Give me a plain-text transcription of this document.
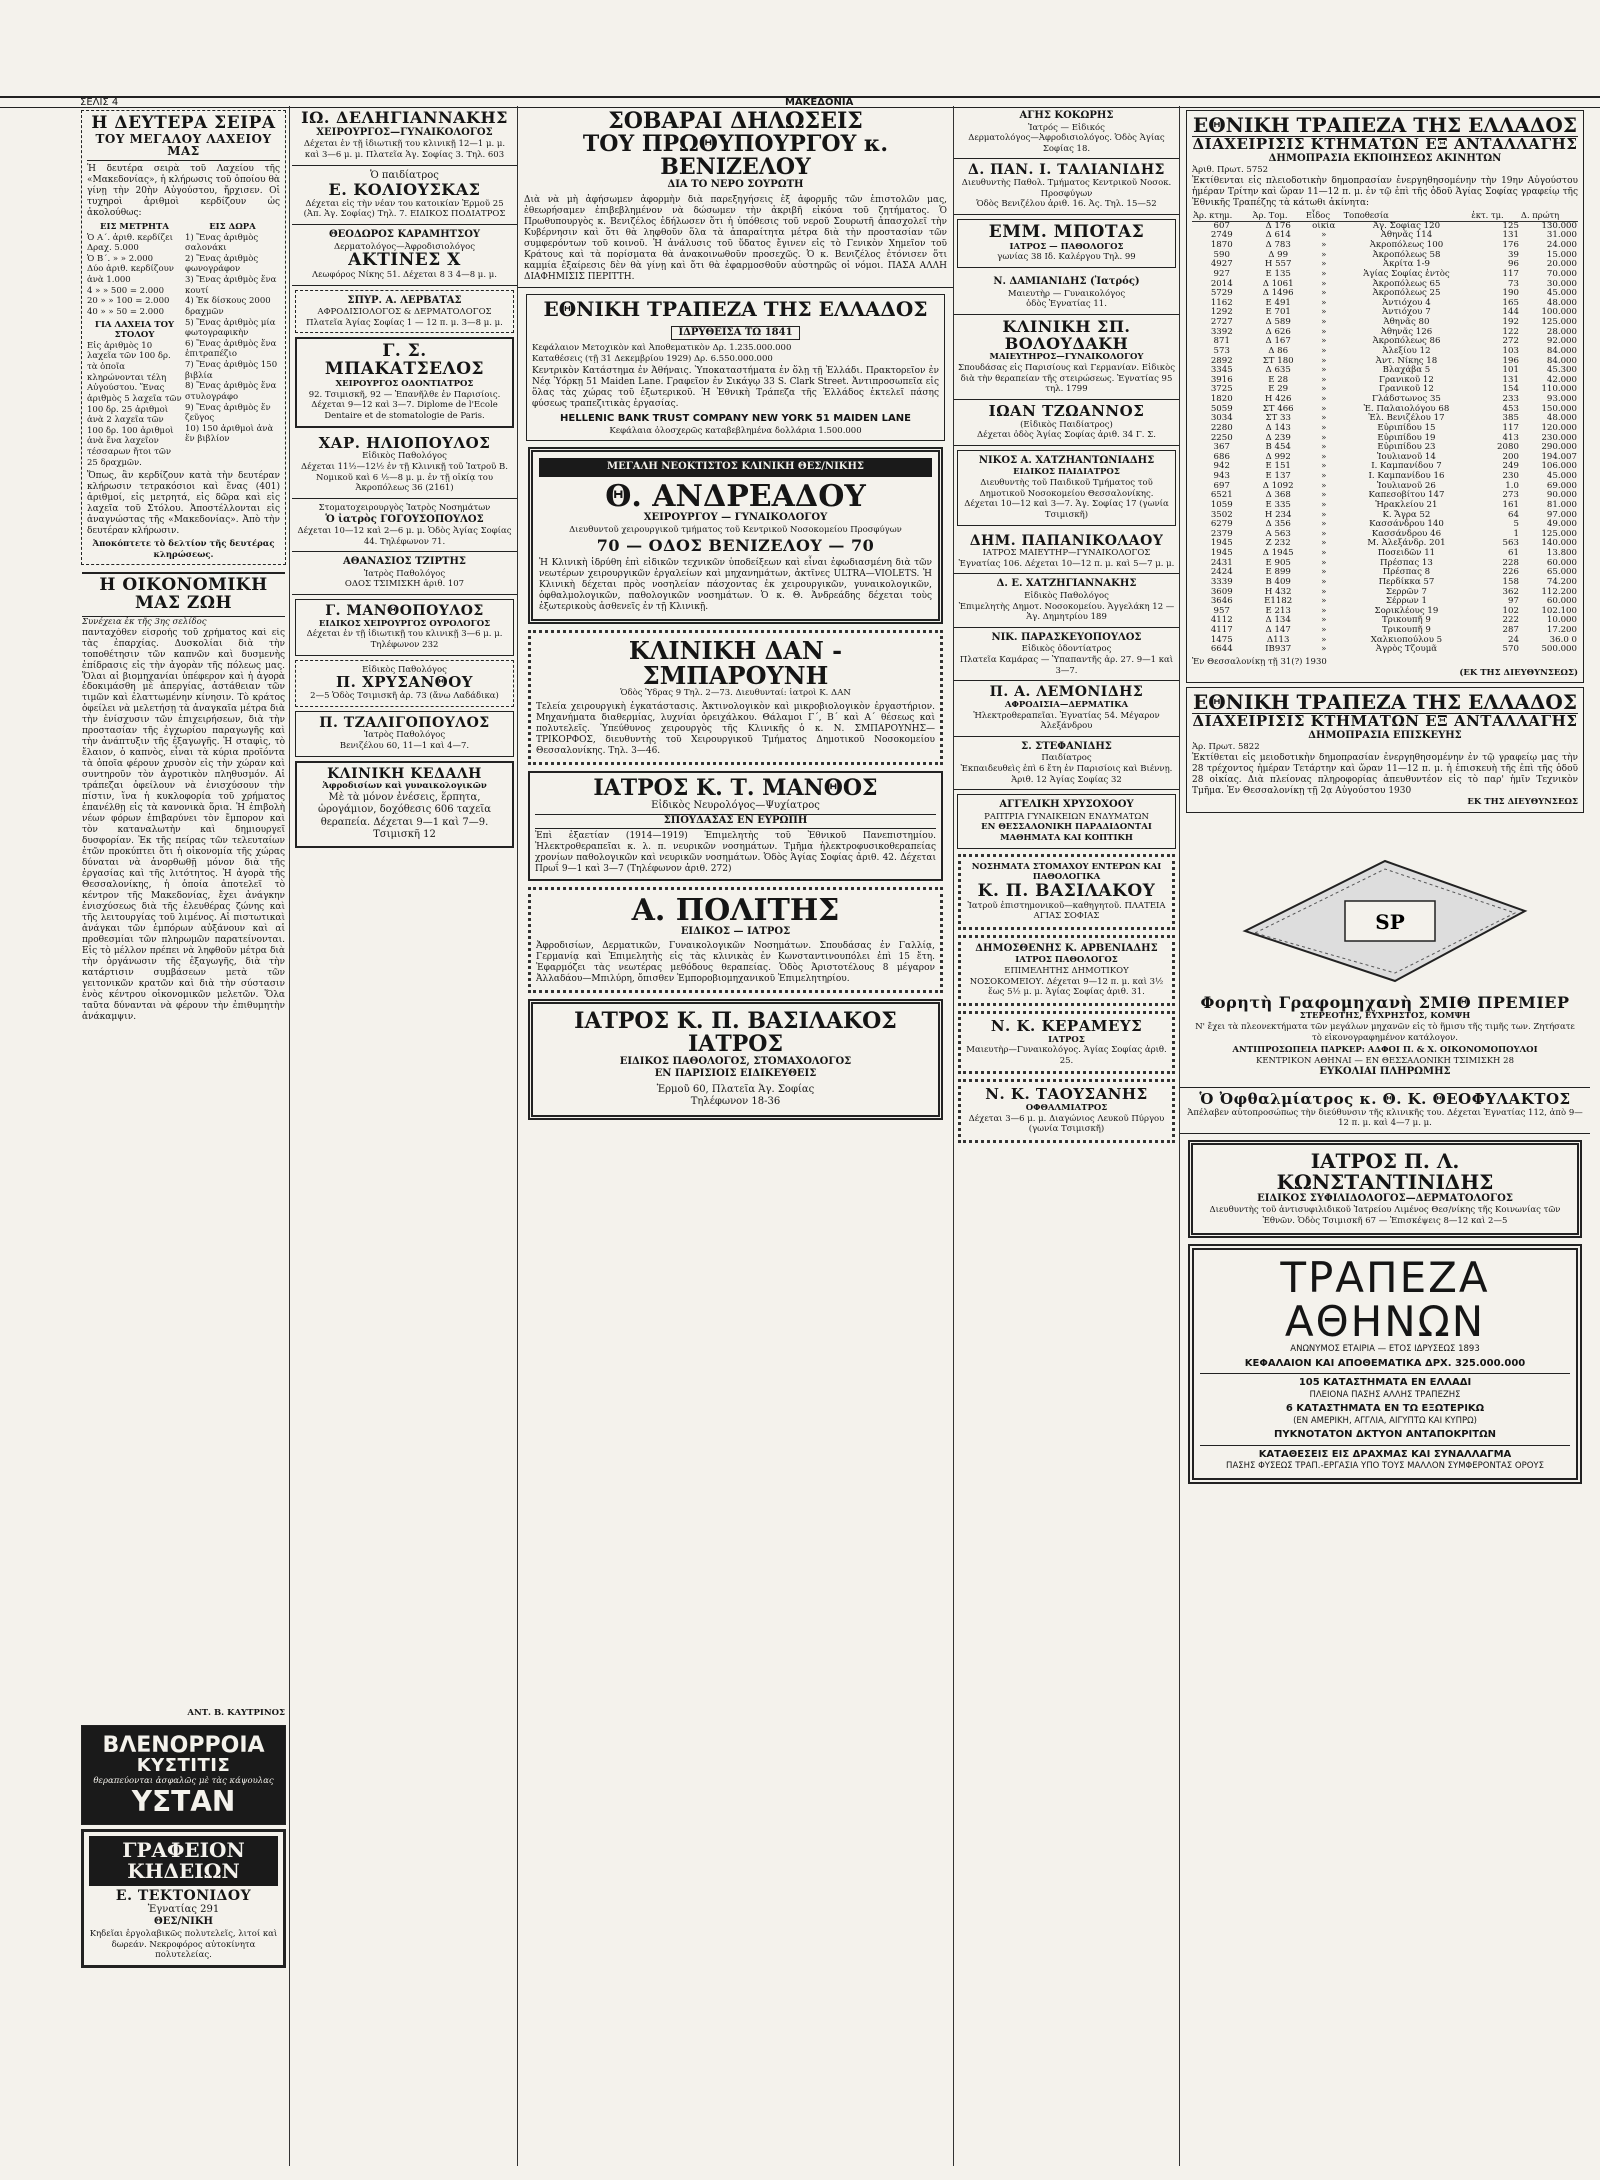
ΣΕΛΙΣ 4	ΜΑΚΕΔΟΝΙΑ
Η ΔΕΥΤΕΡΑ ΣΕΙΡΑ
ΤΟΥ ΜΕΓΑΛΟΥ ΛΑΧΕΙΟΥ ΜΑΣ
Ἡ δευτέρα σειρὰ τοῦ Λαχείου τῆς «Μακεδονίας», ἡ κλήρωσις τοῦ ὁποίου θὰ γίνῃ τὴν 20ὴν Αὐγούστου, ἤρχισεν. Οἱ τυχηροὶ ἀριθμοὶ κερδίζουν ὡς ἀκολούθως:
ΕΙΣ ΜΕΤΡΗΤΑ
Ὁ Α΄. ἀριθ. κερδίζει Δραχ. 5.000
Ὁ Β΄. » » 2.000
Δύο ἀριθ. κερδίζουν ἀνὰ 1.000
4 » » 500 = 2.000
20 » » 100 = 2.000
40 » » 50 = 2.000
ΓΙΑ ΛΑΧΕΙΑ ΤΟΥ ΣΤΟΛΟΥ
Εἰς ἀριθμὸς 10 λαχεῖα τῶν 100 δρ. τὰ ὁποῖα κληρώνονται τέλη Αὐγούστου. Ἕνας ἀριθμὸς 5 λαχεῖα τῶν 100 δρ. 25 ἀριθμοὶ ἀνὰ 2 λαχεῖα τῶν 100 δρ. 100 ἀριθμοὶ ἀνὰ ἕνα λαχεῖον τέσσαρων ἤτοι τῶν 25 δραχμῶν.
ΕΙΣ ΔΩΡΑ
1) Ἕνας ἀριθμὸς σαλονάκι
2) Ἕνας ἀριθμὸς φωνογράφον
3) Ἕνας ἀριθμὸς ἕνα κουτί
4) Ἐκ δίσκους 2000 δραχμῶν
5) Ἕνας ἀριθμὸς μία φωτογραφικὴν
6) Ἕνας ἀριθμὸς ἕνα ἐπιτραπέζιο
7) Ἕνας ἀριθμὸς 150 βιβλία
8) Ἕνας ἀριθμὸς ἕνα στυλογράφο
9) Ἕνας ἀριθμὸς ἕν ζεῦγος
10) 150 ἀριθμοὶ ἀνὰ ἕν βιβλίον
Ὅπως, ἂν κερδίζουν κατὰ τὴν δευτέραν κλήρωσιν τετρακόσιοι καὶ ἕνας (401) ἀριθμοί, εἰς μετρητά, εἰς δῶρα καὶ εἰς λαχεῖα τοῦ Στόλου. Ἀποστέλλονται εἰς ἀναγνώστας τῆς «Μακεδονίας». Ἀπὸ τὴν δευτέραν κλήρωσιν.
Ἀποκόπτετε τὸ δελτίον τῆς δευτέρας κληρώσεως.
Η ΟΙΚΟΝΟΜΙΚΗ ΜΑΣ ΖΩΗ
Συνέχεια ἐκ τῆς 3ης σελίδος
πανταχόθεν εἰσροής τοῦ χρήματος καὶ εἰς τὰς ἐπαρχίας. Δυσκολίαι διὰ τὴν τοποθέτησιν τῶν καπνῶν καὶ δυσμενὴς ἐπίδρασις εἰς τὴν ἀγορὰν τῆς πόλεως μας. Ὅλαι αἱ βιομηχανίαι ὑπέφερον καὶ ἡ ἀγορὰ ἐδοκιμάσθη μὲ ἀπεργίας, ἀστάθειαν τῶν τιμῶν καὶ ἐλαττωμένην κίνησιν. Τὸ κράτος ὀφείλει νὰ μελετήσῃ τὰ ἀναγκαῖα μέτρα διὰ τὴν ἐνίσχυσιν τῶν ἐπιχειρήσεων, διὰ τὴν προστασίαν τῆς ἐγχωρίου παραγωγῆς καὶ τὴν ἀνάπτυξιν τῆς ἐξαγωγῆς. Ἡ σταφὶς, τὸ ἔλαιον, ὁ καπνὸς, εἶναι τὰ κύρια προϊόντα τὰ ὁποῖα φέρουν χρυσὸν εἰς τὴν χώραν καὶ συντηροῦν τὸν ἀγροτικὸν πληθυσμόν. Αἱ τράπεζαι ὀφείλουν νὰ ἐνισχύσουν τὴν πίστιν, ἵνα ἡ κυκλοφορία τοῦ χρήματος ἐπανέλθῃ εἰς τὰ κανονικὰ ὅρια. Ἡ ἐπιβολὴ νέων φόρων ἐπιβαρύνει τὸν ἔμπορον καὶ τὸν καταναλωτὴν καὶ δημιουργεῖ δυσφορίαν. Ἐκ τῆς πείρας τῶν τελευταίων ἐτῶν προκύπτει ὅτι ἡ οἰκονομία τῆς χώρας δύναται νὰ ἀνορθωθῇ μόνον διὰ τῆς ἐργασίας καὶ τῆς λιτότητος. Ἡ ἀγορὰ τῆς Θεσσαλονίκης, ἡ ὁποία ἀποτελεῖ τὸ κέντρον τῆς Μακεδονίας, ἔχει ἀνάγκην ἐνισχύσεως διὰ τῆς ἐλευθέρας ζώνης καὶ τῆς λειτουργίας τοῦ λιμένος. Αἱ πιστωτικαὶ ἀνάγκαι τῶν ἐμπόρων αὐξάνουν καὶ αἱ προθεσμίαι τῶν πληρωμῶν παρατείνονται. Εἰς τὸ μέλλον πρέπει νὰ ληφθοῦν μέτρα διὰ τὴν ὀργάνωσιν τῆς ἐξαγωγῆς, διὰ τὴν κατάρτισιν συμβάσεων μετὰ τῶν γειτονικῶν κρατῶν καὶ διὰ τὴν σύστασιν ἑνὸς κέντρου οἰκονομικῶν μελετῶν. Ὅλα ταῦτα δύνανται νὰ φέρουν τὴν ἐπιθυμητὴν ἀνάκαμψιν.
ΑΝΤ. Β. ΚΑΥΤΡΙΝΟΣ
ΒΛΕΝΟΡΡΟΙΑ
ΚΥΣΤΙΤΙΣ
θεραπεύονται ἀσφαλῶς μὲ τὰς κάψουλας
ΥΣΤΑΝ
ΓΡΑΦΕΙΟΝ
ΚΗΔΕΙΩΝ
Ε. ΤΕΚΤΟΝΙΔΟΥ
Ἐγνατίας 291
ΘΕΣ/ΝΙΚΗ
Κηδεῖαι ἐργολαβικῶς πολυτελεῖς, λιτοί καὶ δωρεάν. Νεκροφόρος αὐτοκίνητα πολυτελείας.
ΙΩ. ΔΕΛΗΓΙΑΝΝΑΚΗΣ
ΧΕΙΡΟΥΡΓΟΣ—ΓΥΝΑΙΚΟΛΟΓΟΣ
Δέχεται ἐν τῇ ἰδιωτικῇ του κλινικῇ 12—1 μ. μ. καὶ 3—6 μ. μ. Πλατεῖα Ἁγ. Σοφίας 3. Τηλ. 603
Ὁ παιδίατρος
Ε. ΚΟΛΙΟΥΣΚΑΣ
Δέχεται εἰς τὴν νέαν του κατοικίαν Ἑρμοῦ 25 (Ἀπ. Ἁγ. Σοφίας) Τηλ. 7. ΕΙΔΙΚΟΣ ΠΟΔΙΑΤΡΟΣ
ΘΕΟΔΩΡΟΣ ΚΑΡΑΜΗΤΣΟΥ
Δερματολόγος—Ἀφροδισιολόγος
ΑΚΤΙΝΕΣ Χ
Λεωφόρος Νίκης 51. Δέχεται 8 3 4—8 μ. μ.
ΣΠΥΡ. Α. ΛΕΡΒΑΤΑΣ
ΑΦΡΟΔΙΣΙΟΛΟΓΟΣ & ΔΕΡΜΑΤΟΛΟΓΟΣ
Πλατεῖα Ἁγίας Σοφίας 1 — 12 π. μ. 3—8 μ. μ.
Γ. Σ. ΜΠΑΚΑΤΣΕΛΟΣ
ΧΕΙΡΟΥΡΓΟΣ ΟΔΟΝΤΙΑΤΡΟΣ
92. Τσιμισκῆ, 92 — Ἐπανῆλθε ἐν Παρισίοις. Δέχεται 9—12 καὶ 3—7. Diplome de l'Ecole Dentaire et de stomatologie de Paris.
ΧΑΡ. ΗΛΙΟΠΟΥΛΟΣ
Εἰδικὸς Παθολόγος
Δέχεται 11½—12½ ἐν τῇ Κλινικῇ τοῦ Ἰατροῦ Β. Νομικοῦ καὶ 6 ½—8 μ. μ. ἐν τῇ οἰκίᾳ του Ἀκροπόλεως 36 (2161)
Στοματοχειρουργὸς Ἰατρὸς Νοσημάτων
Ὁ ἰατρὸς ΓΟΓΟΥΣΟΠΟΥΛΟΣ
Δέχεται 10—12 καὶ 2—6 μ. μ. Ὁδὸς Ἁγίας Σοφίας 44. Τηλέφωνον 71.
ΑΘΑΝΑΣΙΟΣ ΤΖΙΡΤΗΣ
Ἰατρὸς Παθολόγος
ΟΔΟΣ ΤΣΙΜΙΣΚΗ ἀριθ. 107
Γ. ΜΑΝΘΟΠΟΥΛΟΣ
ΕΙΔΙΚΟΣ ΧΕΙΡΟΥΡΓΟΣ ΟΥΡΟΛΟΓΟΣ
Δέχεται ἐν τῇ ἰδιωτικῇ του κλινικῇ 3—6 μ. μ. Τηλέφωνον 232
Εἰδικὸς Παθολόγος
Π. ΧΡΥΣΑΝΘΟΥ
2—5 Ὁδὸς Τσιμισκῆ ἀρ. 73 (ἄνω Λαδάδικα)
Π. ΤΖΑΛΙΓΟΠΟΥΛΟΣ
Ἰατρὸς Παθολόγος
Βενιζέλου 60, 11—1 καὶ 4—7.
ΚΛΙΝΙΚΗ ΚΕΔΑΛΗ
Ἀφροδισίων καὶ γυναικολογικῶν
Μὲ τὰ μόνον ἐνέσεις, ἕρπητα, ὡρογάμιον, δοχόθεσις 606 ταχεῖα θεραπεία. Δέχεται 9—1 καὶ 7—9. Τσιμισκῆ 12
ΣΟΒΑΡΑΙ ΔΗΛΩΣΕΙΣ
ΤΟΥ ΠΡΩΘΥΠΟΥΡΓΟΥ κ. ΒΕΝΙΖΕΛΟΥ
ΔΙΑ ΤΟ ΝΕΡΟ ΣΟΥΡΩΤΗ
Διὰ νὰ μὴ ἀφήσωμεν ἀφορμὴν διὰ παρεξηγήσεις ἐξ ἀφορμῆς τῶν ἐπιστολῶν μας, ἐθεωρήσαμεν ἐπιβεβλημένον νὰ δώσωμεν τὴν ἀκριβῆ εἰκόνα τοῦ ζητήματος. Ὁ Πρωθυπουργὸς κ. Βενιζέλος ἐδήλωσεν ὅτι ἡ ὑπόθεσις τοῦ νεροῦ Σουρωτῆ ἀπασχολεῖ τὴν Κυβέρνησιν καὶ ὅτι θὰ ληφθοῦν ὅλα τὰ ἀπαραίτητα μέτρα διὰ τὴν προστασίαν τῶν συμφερόντων τοῦ κοινοῦ. Ἡ ἀνάλυσις τοῦ ὕδατος ἔγινεν εἰς τὸ Γενικὸν Χημεῖον τοῦ Κράτους καὶ τὰ πορίσματα θὰ ἀνακοινωθοῦν προσεχῶς. Ὁ κ. Βενιζέλος ἐτόνισεν ὅτι καμμία ἐξαίρεσις δὲν θὰ γίνῃ καὶ ὅτι θὰ ἐφαρμοσθοῦν αὐστηρῶς οἱ νόμοι. ΠΑΣΑ ΑΛΛΗ ΔΙΑΦΗΜΙΣΙΣ ΠΕΡΙΤΤΗ.
ΕΘΝΙΚΗ ΤΡΑΠΕΖΑ ΤΗΣ ΕΛΛΑΔΟΣ
ΙΔΡΥΘΕΙΣΑ ΤΩ 1841
Κεφάλαιον Μετοχικὸν καὶ Ἀποθεματικὸν Δρ. 1.235.000.000
Καταθέσεις (τῇ 31 Δεκεμβρίου 1929) Δρ. 6.550.000.000
Κεντρικὸν Κατάστημα ἐν Ἀθήναις. Ὑποκαταστήματα ἐν ὅλῃ τῇ Ἑλλάδι. Πρακτορεῖον ἐν Νέᾳ Ὑόρκῃ 51 Maiden Lane. Γραφεῖον ἐν Σικάγῳ 33 S. Clark Street. Ἀντιπροσωπεῖα εἰς ὅλας τὰς χώρας τοῦ ἐξωτερικοῦ. Ἡ Ἐθνικὴ Τράπεζα τῆς Ἑλλάδος ἐκτελεῖ πάσης φύσεως τραπεζιτικὰς ἐργασίας.
HELLENIC BANK TRUST COMPANY NEW YORK 51 MAIDEN LANE
Κεφάλαια ὁλοσχερῶς καταβεβλημένα δολλάρια 1.500.000
ΜΕΓΑΛΗ ΝΕΟΚΤΙΣΤΟΣ ΚΛΙΝΙΚΗ ΘΕΣ/ΝΙΚΗΣ
Θ. ΑΝΔΡΕΑΔΟΥ
ΧΕΙΡΟΥΡΓΟΥ — ΓΥΝΑΙΚΟΛΟΓΟΥ
Διευθυντοῦ χειρουργικοῦ τμήματος τοῦ Κεντρικοῦ Νοσοκομείου Προσφύγων
70 — ΟΔΟΣ ΒΕΝΙΖΕΛΟΥ — 70
Ἡ Κλινικὴ ἱδρύθη ἐπὶ εἰδικῶν τεχνικῶν ὑποδείξεων καὶ εἶναι ἐφωδιασμένη διὰ τῶν νεωτέρων χειρουργικῶν ἐργαλείων καὶ μηχανημάτων, ἀκτῖνες ULTRA—VIOLETS. Ἡ Κλινικὴ δέχεται πρὸς νοσηλείαν πάσχοντας ἐκ χειρουργικῶν, γυναικολογικῶν, ὀφθαλμολογικῶν, παθολογικῶν νοσημάτων. Ὁ κ. Θ. Ἀνδρεάδης δέχεται τοὺς ἐξωτερικοὺς ἀσθενεῖς ἐν τῇ Κλινικῇ.
ΚΛΙΝΙΚΗ ΔΑΝ - ΣΜΠΑΡΟΥΝΗ
Ὁδὸς Ὑδρας 9 Τηλ. 2—73. Διευθυνταί: ἰατροὶ Κ. ΔΑΝ
Τελεία χειρουργικὴ ἐγκατάστασις. Ἀκτινολογικὸν καὶ μικροβιολογικὸν ἐργαστήριον. Μηχανήματα διαθερμίας, λυχνίαι ὀρειχάλκου. Θάλαμοι Γ΄, Β΄ καὶ Α΄ θέσεως καὶ πολυτελεῖς. Ὑπεύθυνος χειρουργὸς τῆς Κλινικῆς ὁ κ. Ν. ΣΜΠΑΡΟΥΝΗΣ—ΤΡΙΚΟΡΦΟΣ, διευθυντὴς τοῦ Χειρουργικοῦ Τμήματος Δημοτικοῦ Νοσοκομείου Θεσσαλονίκης. Τηλ. 3—46.
ΙΑΤΡΟΣ Κ. Τ. ΜΑΝΘΟΣ
Εἰδικὸς Νευρολόγος—Ψυχίατρος
ΣΠΟΥΔΑΣΑΣ ΕΝ ΕΥΡΩΠΗ
Ἐπὶ ἐξαετίαν (1914—1919) Ἐπιμελητὴς τοῦ Ἐθνικοῦ Πανεπιστημίου. Ἠλεκτροθεραπεῖαι κ. λ. π. νευρικῶν νοσημάτων. Τμῆμα ἠλεκτροφυσικοθεραπείας χρονίων παθολογικῶν καὶ νευρικῶν νοσημάτων. Ὁδὸς Ἁγίας Σοφίας ἀριθ. 42. Δέχεται Πρωΐ 9—1 καὶ 3—7 (Τηλέφωνον ἀριθ. 272)
Α. ΠΟΛΙΤΗΣ
ΕΙΔΙΚΟΣ — ΙΑΤΡΟΣ
Ἀφροδισίων, Δερματικῶν, Γυναικολογικῶν Νοσημάτων. Σπουδάσας ἐν Γαλλίᾳ, Γερμανίᾳ καὶ Ἐπιμελητὴς εἰς τὰς κλινικὰς ἐν Κωνσταντινουπόλει ἐπὶ 15 ἔτη. Ἐφαρμόζει τὰς νεωτέρας μεθόδους θεραπείας. Ὁδὸς Ἀριστοτέλους 8 μέγαρον Ἀλλαδάου—Μπιλύρη, ὄπισθεν Ἐμποροβιομηχανικοῦ Ἐπιμελητηρίου.
ΙΑΤΡΟΣ Κ. Π. ΒΑΣΙΛΑΚΟΣ ΙΑΤΡΟΣ
ΕΙΔΙΚΟΣ ΠΑΘΟΛΟΓΟΣ, ΣΤΟΜΑΧΟΛΟΓΟΣ
ΕΝ ΠΑΡΙΣΙΟΙΣ ΕΙΔΙΚΕΥΘΕΙΣ
Ἑρμοῦ 60, Πλατεῖα Ἁγ. Σοφίας
Τηλέφωνον 18-36
ΑΓΗΣ ΚΟΚΩΡΗΣ
Ἰατρός — Εἰδικός
Δερματολόγος—Ἀφροδισιολόγος. Ὁδὸς Ἁγίας Σοφίας 18.
Δ. ΠΑΝ. Ι. ΤΑΛΙΑΝΙΔΗΣ
Διευθυντὴς Παθολ. Τμήματος Κεντρικοῦ Νοσοκ. Προσφύγων
Ὁδὸς Βενιζέλου ἀριθ. 16. Ἀς. Τηλ. 15—52
ΕΜΜ. ΜΠΟΤΑΣ
ΙΑΤΡΟΣ — ΠΑΘΟΛΟΓΟΣ
γωνίας 38 Ιδ. Καλέργου Τηλ. 99
Ν. ΔΑΜΙΑΝΙΔΗΣ (Ἰατρός)
Μαιευτὴρ — Γυναικολόγος
ὁδὸς Ἐγνατίας 11.
ΚΛΙΝΙΚΗ ΣΠ. ΒΟΛΟΥΔΑΚΗ
ΜΑΙΕΥΤΗΡΟΣ—ΓΥΝΑΙΚΟΛΟΓΟΥ
Σπουδάσας εἰς Παρισίους καὶ Γερμανίαν. Εἰδικὸς διὰ τὴν θεραπείαν τῆς στειρώσεως. Ἐγνατίας 95 τηλ. 1799
ΙΩΑΝ ΤΖΩΑΝΝΟΣ
(Εἰδικὸς Παιδίατρος)
Δέχεται ὁδὸς Ἁγίας Σοφίας ἀριθ. 34 Γ. Σ.
ΝΙΚΟΣ Α. ΧΑΤΖΗΑΝΤΩΝΙΑΔΗΣ
ΕΙΔΙΚΟΣ ΠΑΙΔΙΑΤΡΟΣ
Διευθυντὴς τοῦ Παιδικοῦ Τμήματος τοῦ Δημοτικοῦ Νοσοκομείου Θεσσαλονίκης. Δέχεται 10—12 καὶ 3—7. Ἁγ. Σοφίας 17 (γωνία Τσιμισκῆ)
ΔΗΜ. ΠΑΠΑΝΙΚΟΛΑΟΥ
ΙΑΤΡΟΣ ΜΑΙΕΥΤΗΡ—ΓΥΝΑΙΚΟΛΟΓΟΣ
Ἐγνατίας 106. Δέχεται 10—12 π. μ. καὶ 5—7 μ. μ.
Δ. Ε. ΧΑΤΖΗΓΙΑΝΝΑΚΗΣ
Εἰδικὸς Παθολόγος
Ἐπιμελητὴς Δημοτ. Νοσοκομείου. Ἀγγελάκη 12 — Ἁγ. Δημητρίου 189
ΝΙΚ. ΠΑΡΑΣΚΕΥΟΠΟΥΛΟΣ
Εἰδικὸς ὀδοντίατρος
Πλατεῖα Καμάρας — Ὑπαπαντῆς ἀρ. 27. 9—1 καὶ 3—7.
Π. Α. ΛΕΜΟΝΙΔΗΣ
ΑΦΡΟΔΙΣΙΑ—ΔΕΡΜΑΤΙΚΑ
Ἠλεκτροθεραπεῖαι. Ἐγνατίας 54. Μέγαρον Ἀλεξάνδρου
Σ. ΣΤΕΦΑΝΙΔΗΣ
Παιδίατρος
Ἐκπαιδευθεὶς ἐπὶ 6 ἔτη ἐν Παρισίοις καὶ Βιέννῃ. Ἀριθ. 12 Ἁγίας Σοφίας 32
ΑΓΓΕΛΙΚΗ ΧΡΥΣΟΧΟΟΥ
ΡΑΠΤΡΙΑ ΓΥΝΑΙΚΕΙΩΝ ΕΝΔΥΜΑΤΩΝ
ΕΝ ΘΕΣΣΑΛΟΝΙΚΗ ΠΑΡΑΔΙΔΟΝΤΑΙ ΜΑΘΗΜΑΤΑ ΚΑΙ ΚΟΠΤΙΚΗ
ΝΟΣΗΜΑΤΑ ΣΤΟΜΑΧΟΥ ΕΝΤΕΡΩΝ ΚΑΙ ΠΑΘΟΛΟΓΙΚΑ
Κ. Π. ΒΑΣΙΛΑΚΟΥ
Ἰατροῦ ἐπιστημονικοῦ—καθηγητοῦ. ΠΛΑΤΕΙΑ ΑΓΙΑΣ ΣΟΦΙΑΣ
ΔΗΜΟΣΘΕΝΗΣ Κ. ΑΡΒΕΝΙΑΔΗΣ
ΙΑΤΡΟΣ ΠΑΘΟΛΟΓΟΣ
ΕΠΙΜΕΛΗΤΗΣ ΔΗΜΟΤΙΚΟΥ ΝΟΣΟΚΟΜΕΙΟΥ. Δέχεται 9—12 π. μ. καὶ 3½ ἕως 5½ μ. μ. Ἁγίας Σοφίας ἀριθ. 31.
Ν. Κ. ΚΕΡΑΜΕΥΣ
ΙΑΤΡΟΣ
Μαιευτὴρ—Γυναικολόγος. Ἁγίας Σοφίας ἀριθ. 25.
Ν. Κ. ΤΑΟΥΣΑΝΗΣ
ΟΦΘΑΛΜΙΑΤΡΟΣ
Δέχεται 3—6 μ. μ. Διαγώνιος Λευκοῦ Πύργου (γωνία Τσιμισκῆ)
ΕΘΝΙΚΗ ΤΡΑΠΕΖΑ ΤΗΣ ΕΛΛΑΔΟΣ
ΔΙΑΧΕΙΡΙΣΙΣ ΚΤΗΜΑΤΩΝ ΕΞ ΑΝΤΑΛΛΑΓΗΣ
ΔΗΜΟΠΡΑΣΙΑ ΕΚΠΟΙΗΣΕΩΣ ΑΚΙΝΗΤΩΝ
Ἀριθ. Πρωτ. 5752
Ἐκτίθενται εἰς πλειοδοτικὴν δημοπρασίαν ἐνεργηθησομένην τὴν 19ην Αὐγούστου ἡμέραν Τρίτην καὶ ὥραν 11—12 π. μ. ἐν τῷ ἐπὶ τῆς ὁδοῦ Ἁγίας Σοφίας γραφείῳ τῆς Ἐθνικῆς Τραπέζης τὰ κάτωθι ἀκίνητα:
Ἀρ. κτημ.	Ἀρ. Τομ.	Εἶδος	Τοποθεσία	ἐκτ. τμ.	Δ. πρώτη
607	Δ 176	οἰκία	Ἁγ. Σοφίας 120	125	130.000
2749	Δ 614	»	Ἀθηνᾶς 114	131	31.000
1870	Δ 783	»	Ἀκροπόλεως 100	176	24.000
590	Δ 99	»	Ἀκροπόλεως 58	39	15.000
4927	Η 557	»	Ἀκρίτα 1-9	96	20.000
927	Ε 135	»	Ἁγίας Σοφίας ἐντὸς	117	70.000
2014	Δ 1061	»	Ἀκροπόλεως 65	73	30.000
5729	Δ 1496	»	Ἀκροπόλεως 25	190	45.000
1162	Ε 491	»	Ἀντιόχου 4	165	48.000
1292	Ε 701	»	Ἀντιόχου 7	144	100.000
2727	Δ 589	»	Ἀθηνᾶς 80	192	125.000
3392	Δ 626	»	Ἀθηνᾶς 126	122	28.000
871	Δ 167	»	Ἀκροπόλεως 86	272	92.000
573	Δ 86	»	Ἀλεξίου 12	103	84.000
2892	ΣΤ 180	»	Ἀντ. Νίκης 18	196	84.000
3345	Δ 635	»	Βλαχάβα 5	101	45.300
3916	Ε 28	»	Γρανικοῦ 12	131	42.000
3725	Ε 29	»	Γρανικοῦ 12	154	110.000
1820	Η 426	»	Γλάδστωνος 35	233	93.000
5059	ΣΤ 466	»	Ἐ. Παλαιολόγου 68	453	150.000
3034	ΣΤ 33	»	Ἐλ. Βενιζέλου 17	385	48.000
2280	Δ 143	»	Εὐριπίδου 15	117	120.000
2250	Δ 239	»	Εὐριπίδου 19	413	230.000
367	Β 454	»	Εὐριπίδου 23	2080	290.000
686	Δ 992	»	Ἰουλιανοῦ 14	200	194.007
942	Ε 151	»	Ι. Καμπανίδου 7	249	106.000
943	Ε 137	»	Ι. Καμπανίδου 16	230	45.000
697	Δ 1092	»	Ἰουλιανοῦ 26	1.0	69.000
6521	Δ 368	»	Καπεσοβίτου 147	273	90.000
1059	Ε 335	»	Ἡρακλείου 21	161	81.000
3502	Η 234	»	Κ. Ἄγρα 52	64	97.000
6279	Δ 356	»	Κασσάνδρου 140	5	49.000
2379	Α 563	»	Κασσάνδρου 46	1	125.000
1945	Ζ 232	»	Μ. Ἀλεξάνδρ. 201	563	140.000
1945	Δ 1945	»	Ποσειδῶν 11	61	13.800
2431	Ε 905	»	Πρέσπας 13	228	60.000
2424	Ε 899	»	Πρέσπας 8	226	65.000
3339	Β 409	»	Περδίκκα 57	158	74.200
3609	Η 432	»	Σερρῶν 7	362	112.200
3646	Ε1182	»	Σέρρων 1	97	60.000
957	Ε 213	»	Σορικλέους 19	102	102.100
4112	Δ 134	»	Τρικουπῆ 9	222	10.000
4117	Δ 147	»	Τρικουπῆ 9	287	17.200
1475	Δ113	»	Χαλκιοπούλου 5	24	36.0 0
6644	ΙΒ937	»	Ἀγρὸς Τζουμᾶ	570	500.000
Ἐν Θεσσαλονίκῃ τῇ 31(?) 1930
(ΕΚ ΤΗΣ ΔΙΕΥΘΥΝΣΕΩΣ)
ΕΘΝΙΚΗ ΤΡΑΠΕΖΑ ΤΗΣ ΕΛΛΑΔΟΣ
ΔΙΑΧΕΙΡΙΣΙΣ ΚΤΗΜΑΤΩΝ ΕΞ ΑΝΤΑΛΛΑΓΗΣ
ΔΗΜΟΠΡΑΣΙΑ ΕΠΙΣΚΕΥΗΣ
Ἀρ. Πρωτ. 5822
Ἐκτίθεται εἰς μειοδοτικὴν δημοπρασίαν ἐνεργηθησομένην ἐν τῷ γραφείῳ μας τὴν 28 τρέχοντος ἡμέραν Τετάρτην καὶ ὥραν 11—12 π. μ. ἡ ἐπισκευὴ τῆς ἐπὶ τῆς ὁδοῦ 28 οἰκίας. Διὰ πλείονας πληροφορίας ἀπευθυντέον εἰς τὸ παρ' ἡμῖν Τεχνικὸν Τμῆμα. Ἐν Θεσσαλονίκῃ τῇ 2ᾳ Αὐγούστου 1930
ΕΚ ΤΗΣ ΔΙΕΥΘΥΝΣΕΩΣ
SP
Φορητὴ Γραφομηχανὴ ΣΜΙΘ ΠΡΕΜΙΕΡ
ΣΤΕΡΕΟΤΗΣ, ΕΥΧΡΗΣΤΟΣ, ΚΟΜΨΗ
Ν' ἔχει τὰ πλεονεκτήματα τῶν μεγάλων μηχανῶν εἰς τὸ ἥμισυ τῆς τιμῆς των. Ζητήσατε τὸ εἰκονογραφημένον κατάλογον.
ΑΝΤΙΠΡΟΣΩΠΕΙΑ ΠΑΡΚΕΡ: ΑΔΦΟΙ Π. & Χ. ΟΙΚΟΝΟΜΟΠΟΥΛΟΙ
ΚΕΝΤΡΙΚΟΝ ΑΘΗΝΑΙ — ΕΝ ΘΕΣΣΑΛΟΝΙΚΗ ΤΣΙΜΙΣΚΗ 28
ΕΥΚΟΛΙΑΙ ΠΛΗΡΩΜΗΣ
Ὁ Ὀφθαλμίατρος κ. Θ. Κ. ΘΕΟΦΥΛΑΚΤΟΣ
Ἀπέλαβεν αὐτοπροσώπως τὴν διεύθυνσιν τῆς κλινικῆς του. Δέχεται Ἐγνατίας 112, ἀπὸ 9—12 π. μ. καὶ 4—7 μ. μ.
ΙΑΤΡΟΣ Π. Λ. ΚΩΝΣΤΑΝΤΙΝΙΔΗΣ
ΕΙΔΙΚΟΣ ΣΥΦΙΛΙΔΟΛΟΓΟΣ—ΔΕΡΜΑΤΟΛΟΓΟΣ
Διευθυντὴς τοῦ ἀντισυφιλιδικοῦ Ἰατρείου Λιμένος Θεσ/νίκης τῆς Κοινωνίας τῶν Ἐθνῶν. Ὁδὸς Τσιμισκῆ 67 — Ἐπισκέψεις 8—12 καὶ 2—5
ΤΡΑΠΕΖΑ ΑΘΗΝΩΝ
ΑΝΩΝΥΜΟΣ ΕΤΑΙΡΙΑ — ΕΤΟΣ ΙΔΡΥΣΕΩΣ 1893
ΚΕΦΑΛΑΙΟΝ ΚΑΙ ΑΠΟΘΕΜΑΤΙΚΑ ΔΡΧ. 325.000.000
105 ΚΑΤΑΣΤΗΜΑΤΑ ΕΝ ΕΛΛΑΔΙ
ΠΛΕΙΟΝΑ ΠΑΣΗΣ ΑΛΛΗΣ ΤΡΑΠΕΖΗΣ
6 ΚΑΤΑΣΤΗΜΑΤΑ ΕΝ ΤΩ ΕΞΩΤΕΡΙΚΩ
(ΕΝ ΑΜΕΡΙΚΗ, ΑΓΓΛΙΑ, ΑΙΓΥΠΤΩ ΚΑΙ ΚΥΠΡΩ)
ΠΥΚΝΟΤΑΤΟΝ ΔΚΤΥΟΝ ΑΝΤΑΠΟΚΡΙΤΩΝ
ΚΑΤΑΘΕΣΕΙΣ ΕΙΣ ΔΡΑΧΜΑΣ ΚΑΙ ΣΥΝΑΛΛΑΓΜΑ
ΠΑΣΗΣ ΦΥΣΕΩΣ ΤΡΑΠ.-ΕΡΓΑΣΙΑ ΥΠΟ ΤΟΥΣ ΜΑΛΛΟΝ ΣΥΜΦΕΡΟΝΤΑΣ ΟΡΟΥΣ
